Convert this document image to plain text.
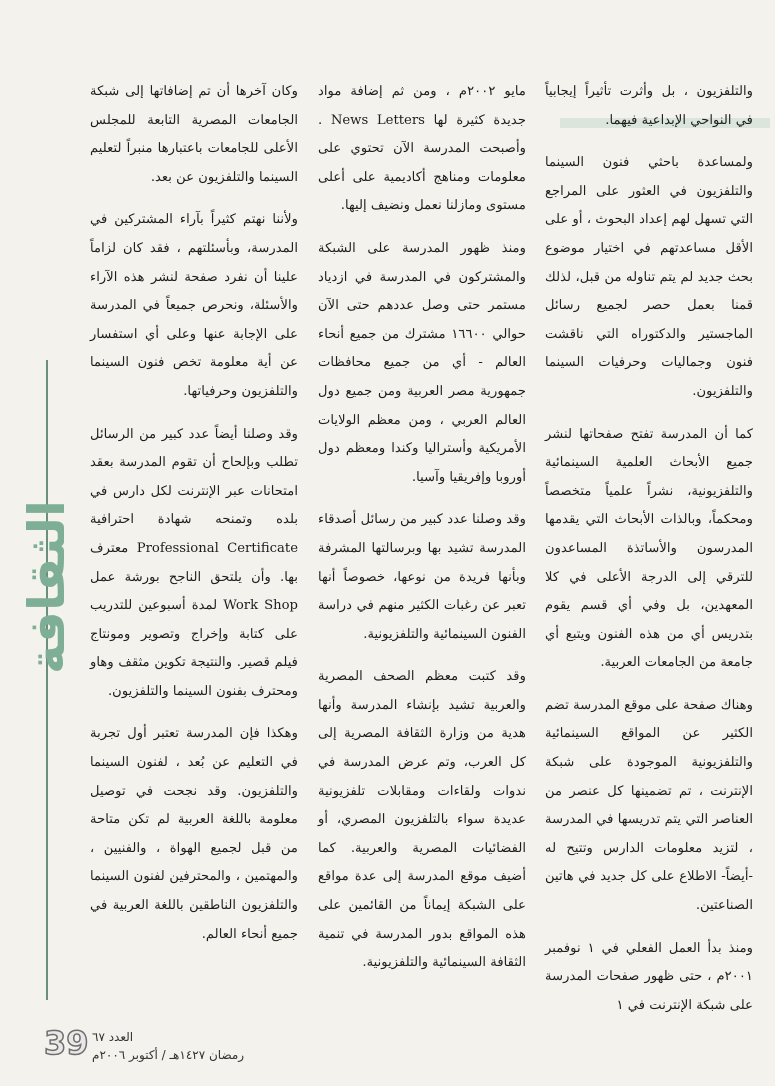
والتلفزيون ، بل وأثرت تأثيراً إيجابياً في النواحي الإبداعية فيهما.

ولمساعدة باحثي فنون السينما والتلفزيون في العثور على المراجع التي تسهل لهم إعداد البحوث ، أو على الأقل مساعدتهم في اختيار موضوع بحث جديد لم يتم تناوله من قبل، لذلك قمنا بعمل حصر لجميع رسائل الماجستير والدكتوراه التي ناقشت فنون وجماليات وحرفيات السينما والتلفزيون.

كما أن المدرسة تفتح صفحاتها لنشر جميع الأبحاث العلمية السينمائية والتلفزيونية، نشراً علمياً متخصصاً ومحكماً، وبالذات الأبحاث التي يقدمها المدرسون والأساتذة المساعدون للترقي إلى الدرجة الأعلى في كلا المعهدين، بل وفي أي قسم يقوم بتدريس أي من هذه الفنون ويتبع أي جامعة من الجامعات العربية.

وهناك صفحة على موقع المدرسة تضم الكثير عن المواقع السينمائية والتلفزيونية الموجودة على شبكة الإنترنت ، تم تضمينها كل عنصر من العناصر التي يتم تدريسها في المدرسة ، لتزيد معلومات الدارس وتتيح له -أيضاً- الاطلاع على كل جديد في هاتين الصناعتين.

ومنذ بدأ العمل الفعلي في ١ نوفمبر ٢٠٠١م ، حتى ظهور صفحات المدرسة على شبكة الإنترنت في ١

مايو ٢٠٠٢م ، ومن ثم إضافة مواد جديدة كثيرة لها News Letters . وأصبحت المدرسة الآن تحتوي على معلومات ومناهج أكاديمية على أعلى مستوى ومازلنا نعمل ونضيف إليها.

ومنذ ظهور المدرسة على الشبكة والمشتركون في المدرسة في ازدياد مستمر حتى وصل عددهم حتى الآن حوالي ١٦٦٠٠ مشترك من جميع أنحاء العالم - أي من جميع محافظات جمهورية مصر العربية ومن جميع دول العالم العربي ، ومن معظم الولايات الأمريكية وأستراليا وكندا ومعظم دول أوروبا وإفريقيا وآسيا.

وقد وصلنا عدد كبير من رسائل أصدقاء المدرسة تشيد بها وبرسالتها المشرفة وبأنها فريدة من نوعها، خصوصاً أنها تعبر عن رغبات الكثير منهم في دراسة الفنون السينمائية والتلفزيونية.

وقد كتبت معظم الصحف المصرية والعربية تشيد بإنشاء المدرسة وأنها هدية من وزارة الثقافة المصرية إلى كل العرب، وتم عرض المدرسة في ندوات ولقاءات ومقابلات تلفزيونية عديدة سواء بالتلفزيون المصري، أو الفضائيات المصرية والعربية. كما أضيف موقع المدرسة إلى عدة مواقع على الشبكة إيماناً من القائمين على هذه المواقع بدور المدرسة في تنمية الثقافة السينمائية والتلفزيونية.

وكان آخرها أن تم إضافاتها إلى شبكة الجامعات المصرية التابعة للمجلس الأعلى للجامعات باعتبارها منبراً لتعليم السينما والتلفزيون عن بعد.

ولأننا نهتم كثيراً بآراء المشتركين في المدرسة، وبأسئلتهم ، فقد كان لزاماً علينا أن نفرد صفحة لنشر هذه الآراء والأسئلة، ونحرص جميعاً في المدرسة على الإجابة عنها وعلى أي استفسار عن أية معلومة تخص فنون السينما والتلفزيون وحرفياتها.

وقد وصلنا أيضاً عدد كبير من الرسائل تطلب وبإلحاح أن تقوم المدرسة بعقد امتحانات عبر الإنترنت لكل دارس في بلده وتمنحه شهادة احترافية Professional Certificate معترف بها. وأن يلتحق الناجح بورشة عمل Work Shop لمدة أسبوعين للتدريب على كتابة وإخراج وتصوير ومونتاج فيلم قصير. والنتيجة تكوين مثقف وهاو ومحترف بفنون السينما والتلفزيون.

وهكذا فإن المدرسة تعتبر أول تجربة في التعليم عن بُعد ، لفنون السينما والتلفزيون. وقد نجحت في توصيل معلومة باللغة العربية لم تكن متاحة من قبل لجميع الهواة ، والفنيين ، والمهتمين ، والمحترفين لفنون السينما والتلفزيون الناطقين باللغة العربية في جميع أنحاء العالم.

الثقافة
39 العدد ٦٧
رمضان ١٤٢٧هـ / أكتوبر ٢٠٠٦م
